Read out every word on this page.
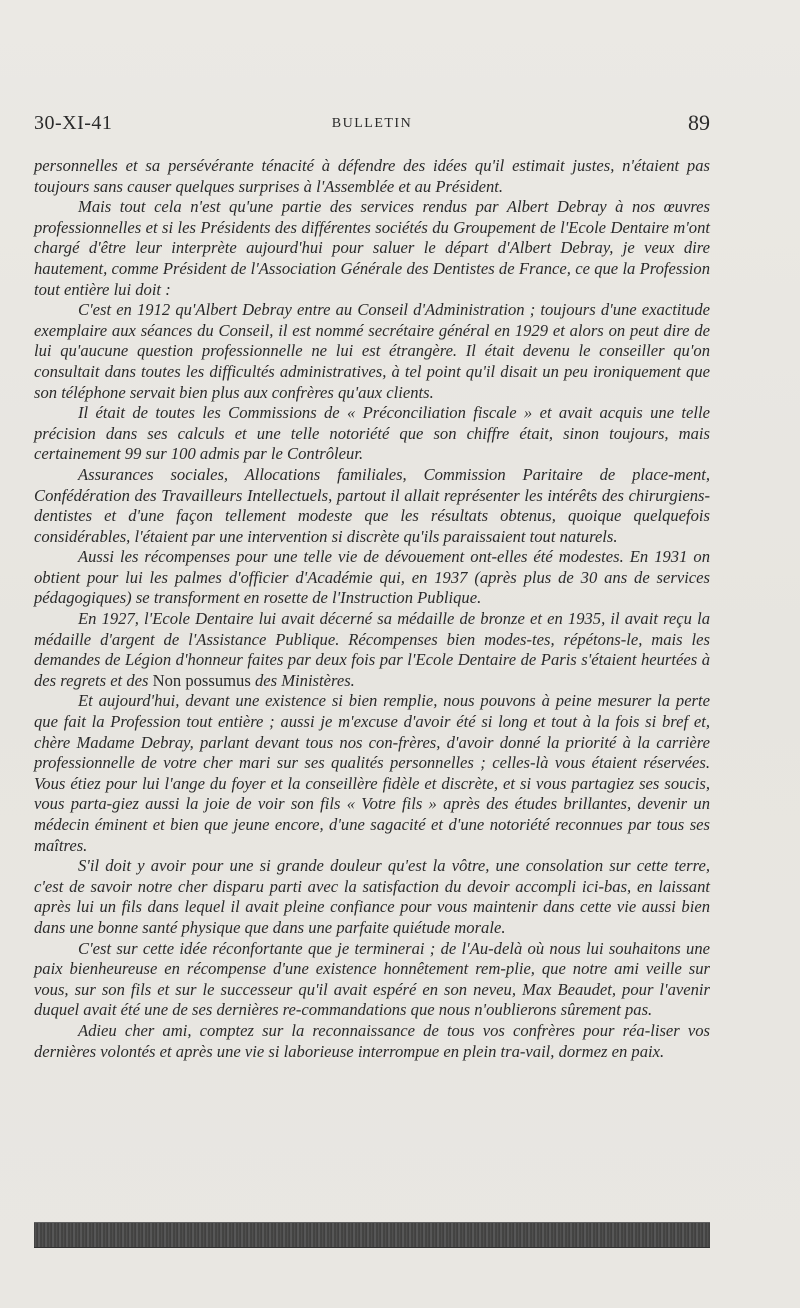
30-XI-41	BULLETIN	89

personnelles et sa persévérante ténacité à défendre des idées qu'il estimait justes, n'étaient pas toujours sans causer quelques surprises à l'Assemblée et au Président.

Mais tout cela n'est qu'une partie des services rendus par Albert Debray à nos œuvres professionnelles et si les Présidents des différentes sociétés du Groupement de l'Ecole Dentaire m'ont chargé d'être leur interprète aujourd'hui pour saluer le départ d'Albert Debray, je veux dire hautement, comme Président de l'Association Générale des Dentistes de France, ce que la Profession tout entière lui doit :

C'est en 1912 qu'Albert Debray entre au Conseil d'Administration ; toujours d'une exactitude exemplaire aux séances du Conseil, il est nommé secrétaire général en 1929 et alors on peut dire de lui qu'aucune question professionnelle ne lui est étrangère. Il était devenu le conseiller qu'on consultait dans toutes les difficultés administratives, à tel point qu'il disait un peu ironiquement que son téléphone servait bien plus aux confrères qu'aux clients.

Il était de toutes les Commissions de « Préconciliation fiscale » et avait acquis une telle précision dans ses calculs et une telle notoriété que son chiffre était, sinon toujours, mais certainement 99 sur 100 admis par le Contrôleur.

Assurances sociales, Allocations familiales, Commission Paritaire de place-ment, Confédération des Travailleurs Intellectuels, partout il allait représenter les intérêts des chirurgiens-dentistes et d'une façon tellement modeste que les résultats obtenus, quoique quelquefois considérables, l'étaient par une intervention si discrète qu'ils paraissaient tout naturels.

Aussi les récompenses pour une telle vie de dévouement ont-elles été modestes. En 1931 on obtient pour lui les palmes d'officier d'Académie qui, en 1937 (après plus de 30 ans de services pédagogiques) se transforment en rosette de l'Instruction Publique.

En 1927, l'Ecole Dentaire lui avait décerné sa médaille de bronze et en 1935, il avait reçu la médaille d'argent de l'Assistance Publique. Récompenses bien modes-tes, répétons-le, mais les demandes de Légion d'honneur faites par deux fois par l'Ecole Dentaire de Paris s'étaient heurtées à des regrets et des Non possumus des Ministères.

Et aujourd'hui, devant une existence si bien remplie, nous pouvons à peine mesurer la perte que fait la Profession tout entière ; aussi je m'excuse d'avoir été si long et tout à la fois si bref et, chère Madame Debray, parlant devant tous nos con-frères, d'avoir donné la priorité à la carrière professionnelle de votre cher mari sur ses qualités personnelles ; celles-là vous étaient réservées. Vous étiez pour lui l'ange du foyer et la conseillère fidèle et discrète, et si vous partagiez ses soucis, vous parta-giez aussi la joie de voir son fils « Votre fils » après des études brillantes, devenir un médecin éminent et bien que jeune encore, d'une sagacité et d'une notoriété reconnues par tous ses maîtres.

S'il doit y avoir pour une si grande douleur qu'est la vôtre, une consolation sur cette terre, c'est de savoir notre cher disparu parti avec la satisfaction du devoir accompli ici-bas, en laissant après lui un fils dans lequel il avait pleine confiance pour vous maintenir dans cette vie aussi bien dans une bonne santé physique que dans une parfaite quiétude morale.

C'est sur cette idée réconfortante que je terminerai ; de l'Au-delà où nous lui souhaitons une paix bienheureuse en récompense d'une existence honnêtement rem-plie, que notre ami veille sur vous, sur son fils et sur le successeur qu'il avait espéré en son neveu, Max Beaudet, pour l'avenir duquel avait été une de ses dernières re-commandations que nous n'oublierons sûrement pas.

Adieu cher ami, comptez sur la reconnaissance de tous vos confrères pour réa-liser vos dernières volontés et après une vie si laborieuse interrompue en plein tra-vail, dormez en paix.
